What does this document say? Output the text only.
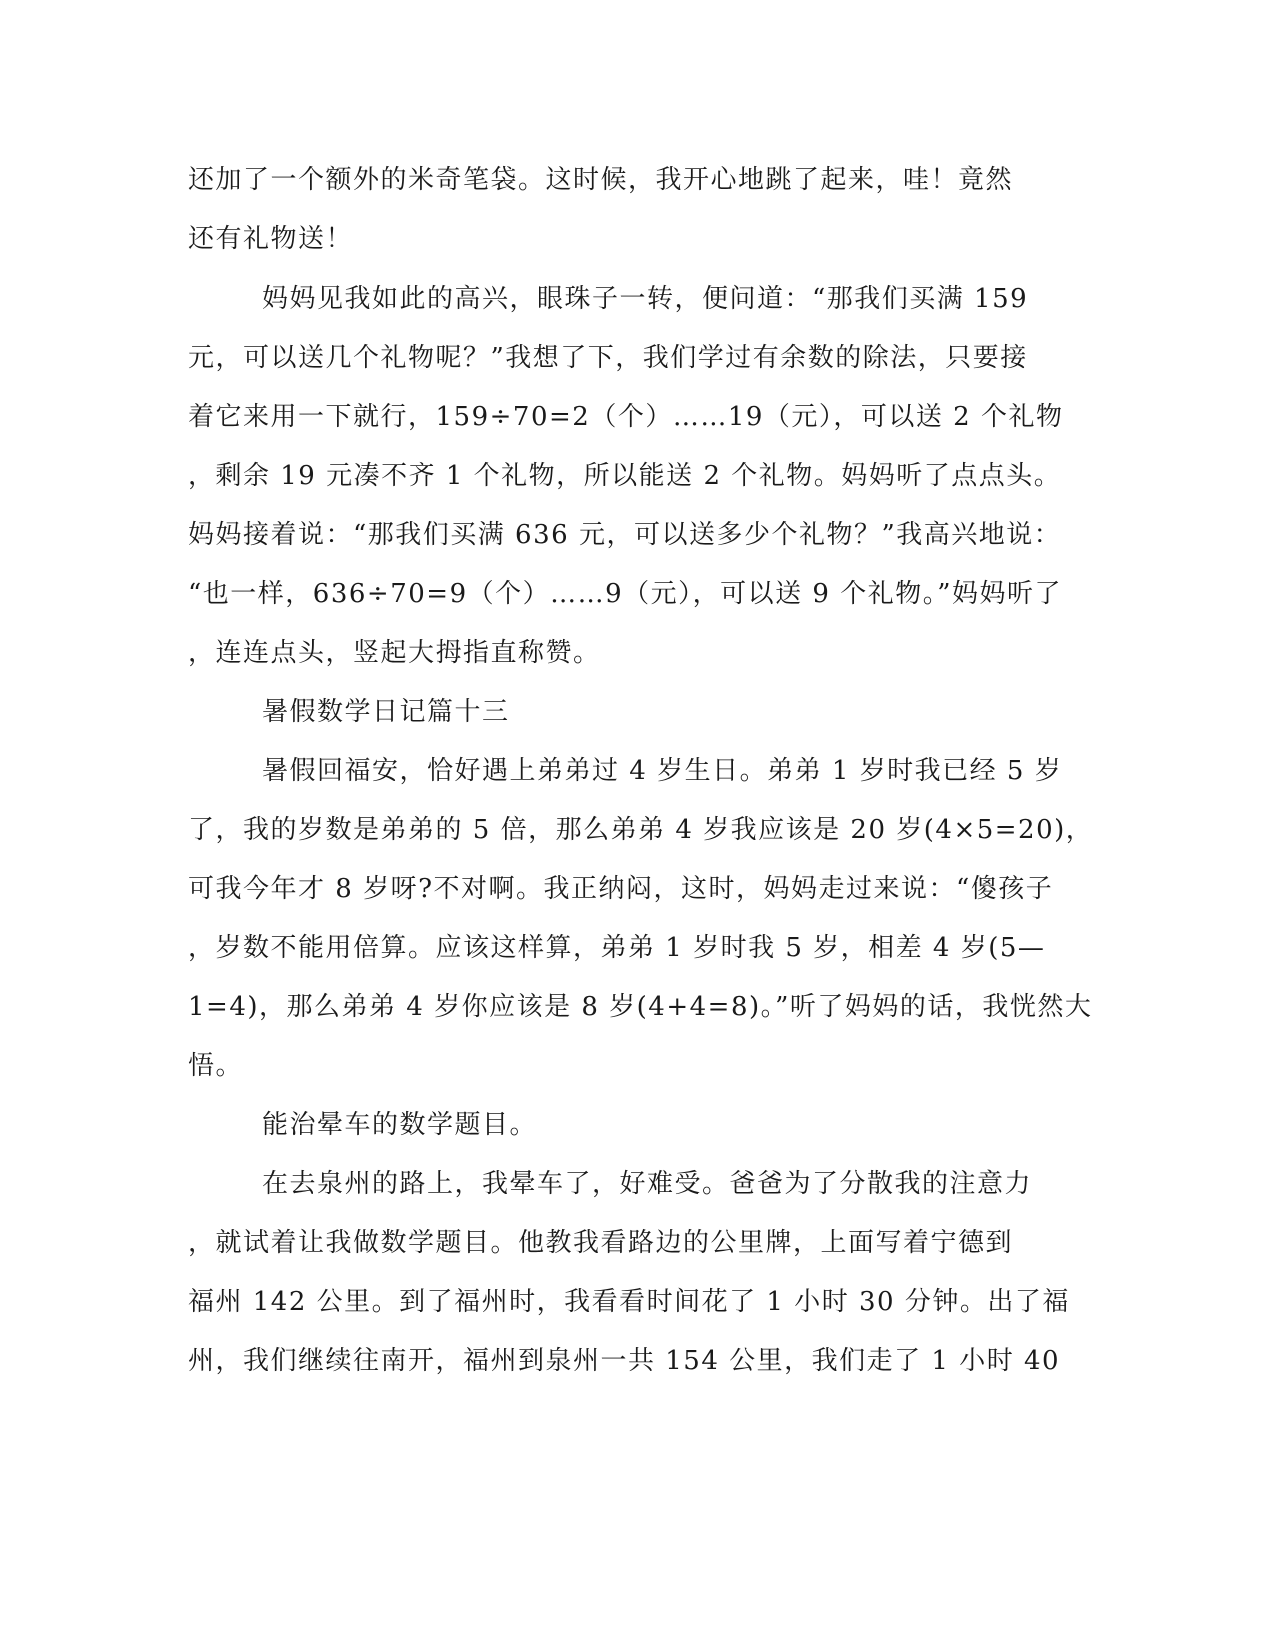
还加了一个额外的米奇笔袋。这时候，我开心地跳了起来，哇！竟然
还有礼物送！
妈妈见我如此的高兴，眼珠子一转，便问道：“那我们买满 159
元，可以送几个礼物呢？”我想了下，我们学过有余数的除法，只要接
着它来用一下就行，159÷70=2（个）……19（元），可以送 2 个礼物
，剩余 19 元凑不齐 1 个礼物，所以能送 2 个礼物。妈妈听了点点头。
妈妈接着说：“那我们买满 636 元，可以送多少个礼物？”我高兴地说：
“也一样，636÷70=9（个）……9（元），可以送 9 个礼物。”妈妈听了
，连连点头，竖起大拇指直称赞。
暑假数学日记篇十三
暑假回福安，恰好遇上弟弟过 4 岁生日。弟弟 1 岁时我已经 5 岁
了，我的岁数是弟弟的 5 倍，那么弟弟 4 岁我应该是 20 岁(4×5=20)，
可我今年才 8 岁呀?不对啊。我正纳闷，这时，妈妈走过来说：“傻孩子
，岁数不能用倍算。应该这样算，弟弟 1 岁时我 5 岁，相差 4 岁(5—
1=4)，那么弟弟 4 岁你应该是 8 岁(4+4=8)。”听了妈妈的话，我恍然大
悟。
能治晕车的数学题目。
在去泉州的路上，我晕车了，好难受。爸爸为了分散我的注意力
，就试着让我做数学题目。他教我看路边的公里牌，上面写着宁德到
福州 142 公里。到了福州时，我看看时间花了 1 小时 30 分钟。出了福
州，我们继续往南开，福州到泉州一共 154 公里，我们走了 1 小时 40
